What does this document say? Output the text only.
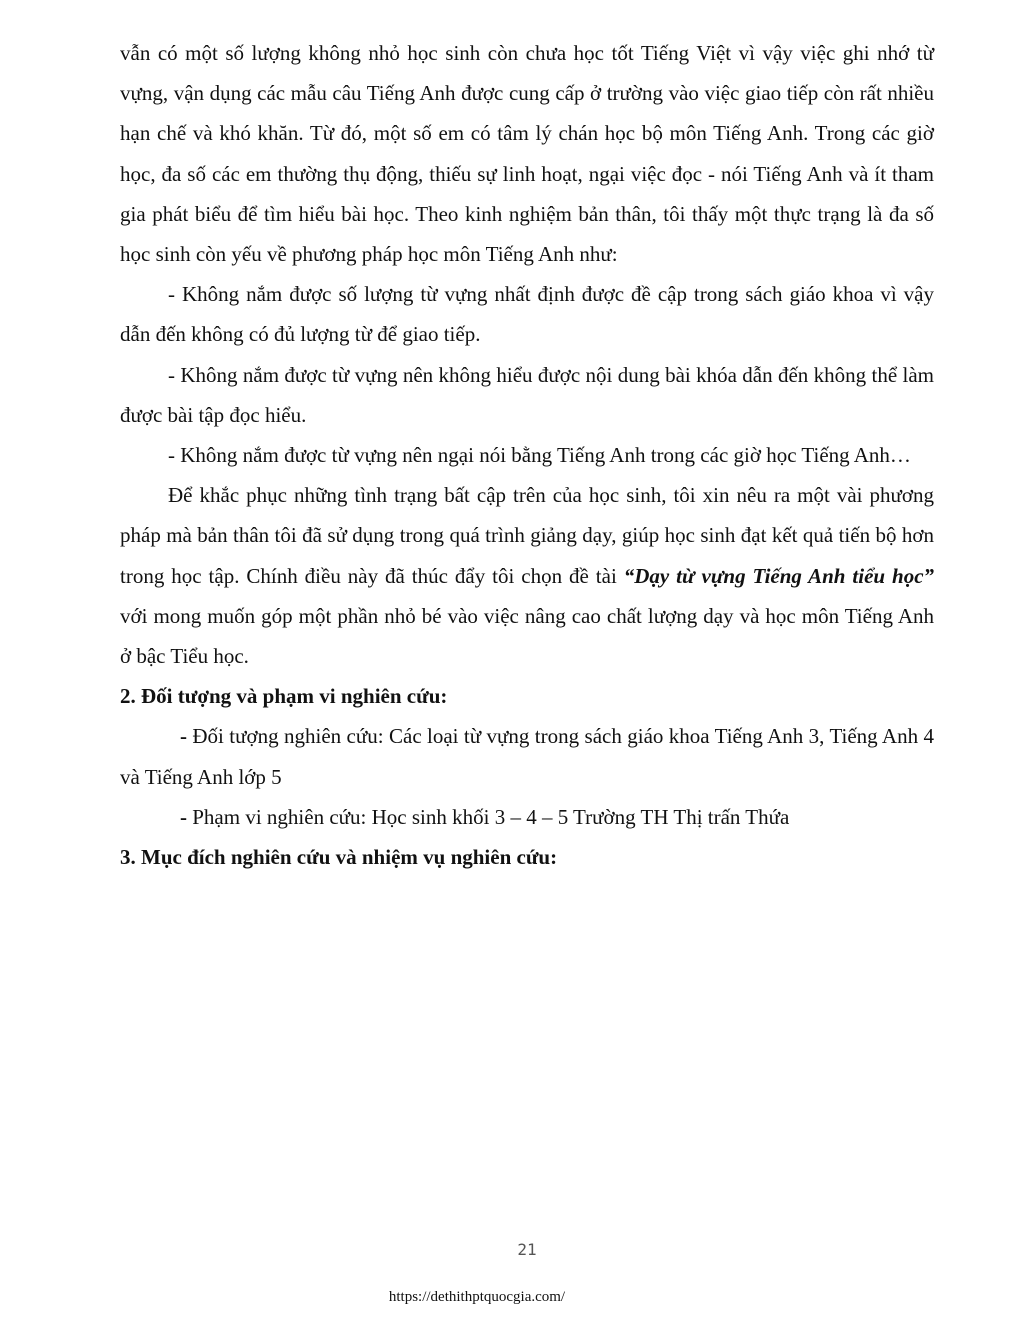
vẫn có một số lượng không nhỏ học sinh còn chưa học tốt Tiếng Việt vì vậy việc ghi nhớ từ vựng, vận dụng các mẫu câu Tiếng Anh được cung cấp ở trường vào việc giao tiếp còn rất nhiều hạn chế và khó khăn. Từ đó, một số em có tâm lý chán học bộ môn Tiếng Anh. Trong các giờ học, đa số các em thường thụ động, thiếu sự linh hoạt, ngại việc đọc - nói Tiếng Anh và ít tham gia phát biểu để tìm hiểu bài học. Theo kinh nghiệm bản thân, tôi thấy một thực trạng là đa số học sinh còn yếu về phương pháp học môn Tiếng Anh như:

- Không nắm được số lượng từ vựng nhất định được đề cập trong sách giáo khoa vì vậy dẫn đến không có đủ lượng từ để giao tiếp.

- Không nắm được từ vựng nên không hiểu được nội dung bài khóa dẫn đến không thể làm được bài tập đọc hiểu.

- Không nắm được từ vựng nên ngại nói bằng Tiếng Anh trong các giờ học Tiếng Anh…

Để khắc phục những tình trạng bất cập trên của học sinh, tôi xin nêu ra một vài phương pháp mà bản thân tôi đã sử dụng trong quá trình giảng dạy, giúp học sinh đạt kết quả tiến bộ hơn trong học tập. Chính điều này đã thúc đẩy tôi chọn đề tài “Dạy từ vựng Tiếng Anh tiểu học” với mong muốn góp một phần nhỏ bé vào việc nâng cao chất lượng dạy và học môn Tiếng Anh ở bậc Tiểu học.

2. Đối tượng và phạm vi nghiên cứu:

- Đối tượng nghiên cứu: Các loại từ vựng trong sách giáo khoa Tiếng Anh 3, Tiếng Anh 4 và Tiếng Anh lớp 5

- Phạm vi nghiên cứu: Học sinh khối 3 – 4 – 5 Trường TH Thị trấn Thứa

3. Mục đích nghiên cứu và nhiệm vụ nghiên cứu:

21
https://dethithptquocgia.com/
